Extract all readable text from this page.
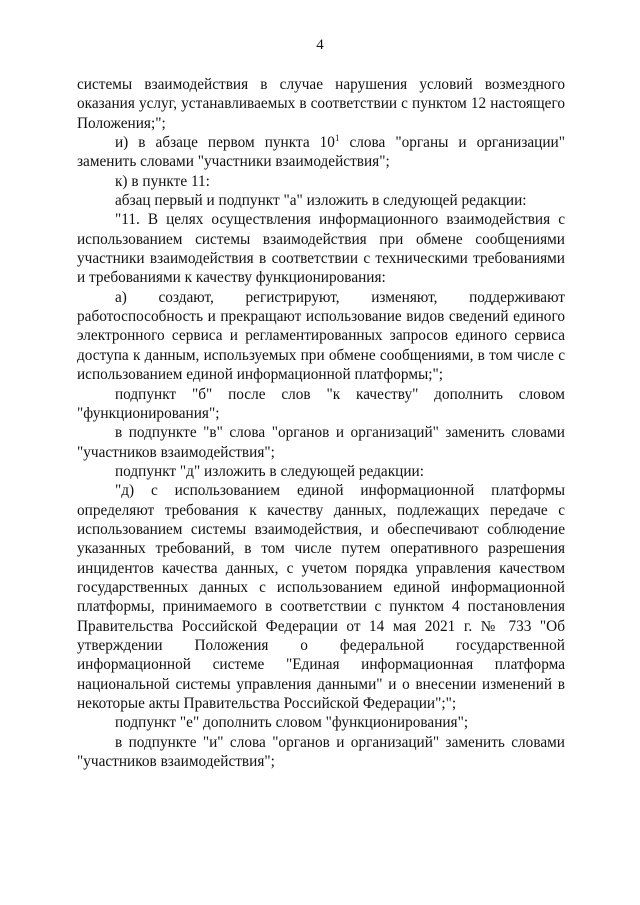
4

системы взаимодействия в случае нарушения условий возмездного оказания услуг, устанавливаемых в соответствии с пунктом 12 настоящего Положения;";

и) в абзаце первом пункта $10^1$ слова "органы и организации" заменить словами "участники взаимодействия";

к) в пункте 11:

абзац первый и подпункт "а" изложить в следующей редакции:

"11. В целях осуществления информационного взаимодействия с использованием системы взаимодействия при обмене сообщениями участники взаимодействия в соответствии с техническими требованиями и требованиями к качеству функционирования:

а) создают, регистрируют, изменяют, поддерживают работоспособность и прекращают использование видов сведений единого электронного сервиса и регламентированных запросов единого сервиса доступа к данным, используемых при обмене сообщениями, в том числе с использованием единой информационной платформы;";

подпункт "б" после слов "к качеству" дополнить словом "функционирования";

в подпункте "в" слова "органов и организаций" заменить словами "участников взаимодействия";

подпункт "д" изложить в следующей редакции:

"д) с использованием единой информационной платформы определяют требования к качеству данных, подлежащих передаче с использованием системы взаимодействия, и обеспечивают соблюдение указанных требований, в том числе путем оперативного разрешения инцидентов качества данных, с учетом порядка управления качеством государственных данных с использованием единой информационной платформы, принимаемого в соответствии с пунктом 4 постановления Правительства Российской Федерации от 14 мая 2021 г. № 733 "Об утверждении Положения о федеральной государственной информационной системе "Единая информационная платформа национальной системы управления данными" и о внесении изменений в некоторые акты Правительства Российской Федерации";";

подпункт "е" дополнить словом "функционирования";

в подпункте "и" слова "органов и организаций" заменить словами "участников взаимодействия";
